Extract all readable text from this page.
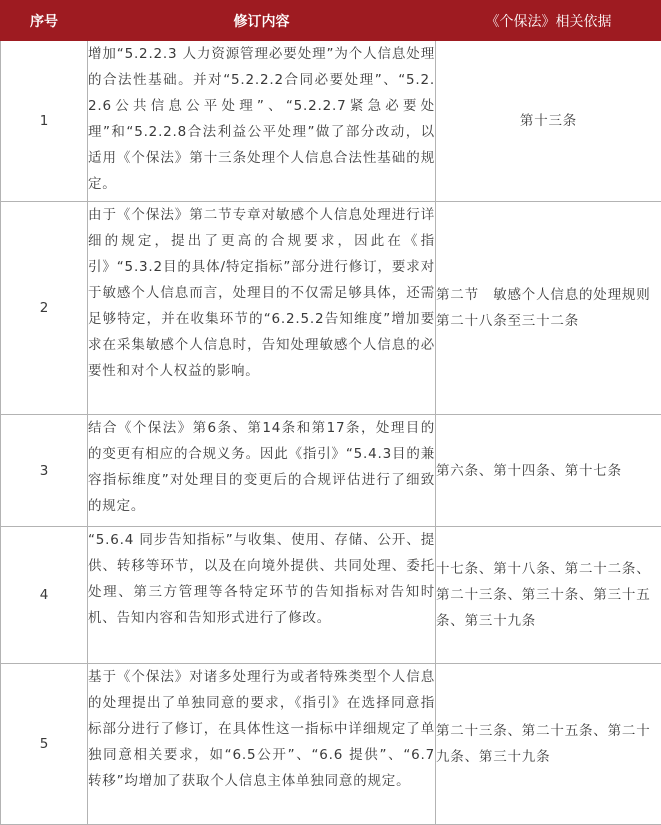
序号	修订内容	《个保法》相关依据
1	增加“5.2.2.3 人力资源管理必要处理”为个人信息处理的合法性基础。并对“5.2.2.2合同必要处理”、“5.2.2.6公共信息公平处理”、“5.2.2.7紧急必要处理”和“5.2.2.8合法利益公平处理”做了部分改动，以适用《个保法》第十三条处理个人信息合法性基础的规定。	第十三条

2	由于《个保法》第二节专章对敏感个人信息处理进行详细的规定，提出了更高的合规要求，因此在《指引》“5.3.2目的具体/特定指标”部分进行修订，要求对于敏感个人信息而言，处理目的不仅需足够具体，还需足够特定，并在收集环节的“6.2.5.2告知维度”增加要求在采集敏感个人信息时，告知处理敏感个人信息的必要性和对个人权益的影响。	第二节　敏感个人信息的处理规则
第二十八条至三十二条

3	结合《个保法》第6条、第14条和第17条，处理目的的变更有相应的合规义务。因此《指引》“5.4.3目的兼容指标维度”对处理目的变更后的合规评估进行了细致的规定。	第六条、第十四条、第十七条

4	“5.6.4 同步告知指标”与收集、使用、存储、公开、提供、转移等环节，以及在向境外提供、共同处理、委托处理、第三方管理等各特定环节的告知指标对告知时机、告知内容和告知形式进行了修改。	十七条、第十八条、第二十二条、第二十三条、第三十条、第三十五条、第三十九条

5	基于《个保法》对诸多处理行为或者特殊类型个人信息的处理提出了单独同意的要求，《指引》在选择同意指标部分进行了修订，在具体性这一指标中详细规定了单独同意相关要求，如“6.5公开”、“6.6 提供”、“6.7 转移”均增加了获取个人信息主体单独同意的规定。	第二十三条、第二十五条、第二十九条、第三十九条
